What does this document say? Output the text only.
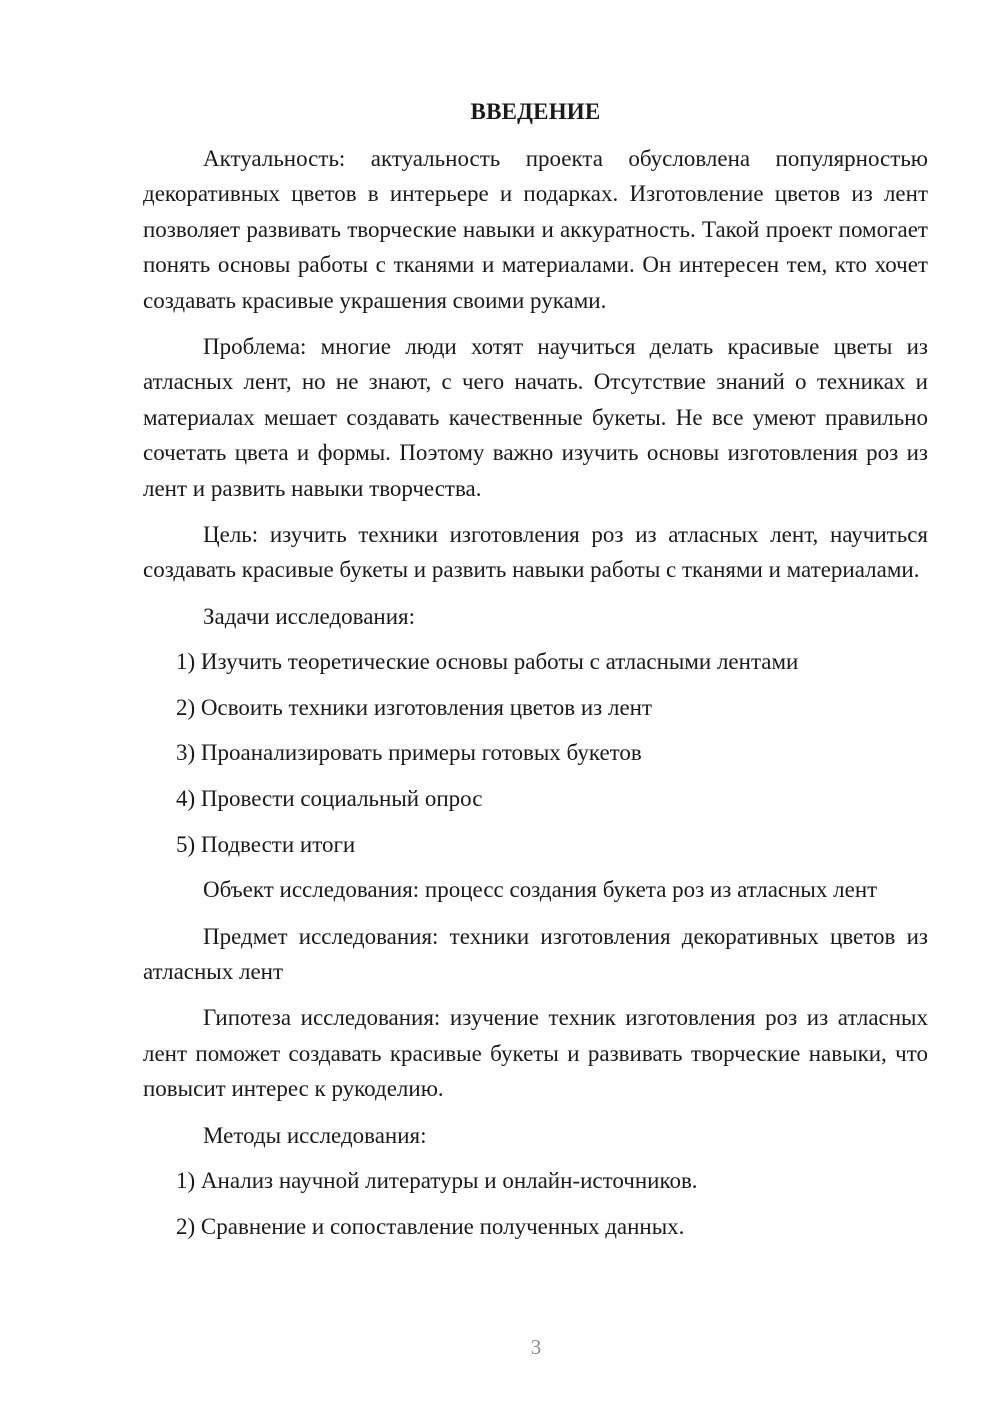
ВВЕДЕНИЕ

Актуальность: актуальность проекта обусловлена популярностью декоративных цветов в интерьере и подарках. Изготовление цветов из лент позволяет развивать творческие навыки и аккуратность. Такой проект помогает понять основы работы с тканями и материалами. Он интересен тем, кто хочет создавать красивые украшения своими руками.

Проблема: многие люди хотят научиться делать красивые цветы из атласных лент, но не знают, с чего начать. Отсутствие знаний о техниках и материалах мешает создавать качественные букеты. Не все умеют правильно сочетать цвета и формы. Поэтому важно изучить основы изготовления роз из лент и развить навыки творчества.

Цель: изучить техники изготовления роз из атласных лент, научиться создавать красивые букеты и развить навыки работы с тканями и материалами.

Задачи исследования:

1) Изучить теоретические основы работы с атласными лентами
2) Освоить техники изготовления цветов из лент
3) Проанализировать примеры готовых букетов
4) Провести социальный опрос
5) Подвести итоги

Объект исследования: процесс создания букета роз из атласных лент

Предмет исследования: техники изготовления декоративных цветов из атласных лент

Гипотеза исследования: изучение техник изготовления роз из атласных лент поможет создавать красивые букеты и развивать творческие навыки, что повысит интерес к рукоделию.

Методы исследования:

1) Анализ научной литературы и онлайн-источников.
2) Сравнение и сопоставление полученных данных.
3
